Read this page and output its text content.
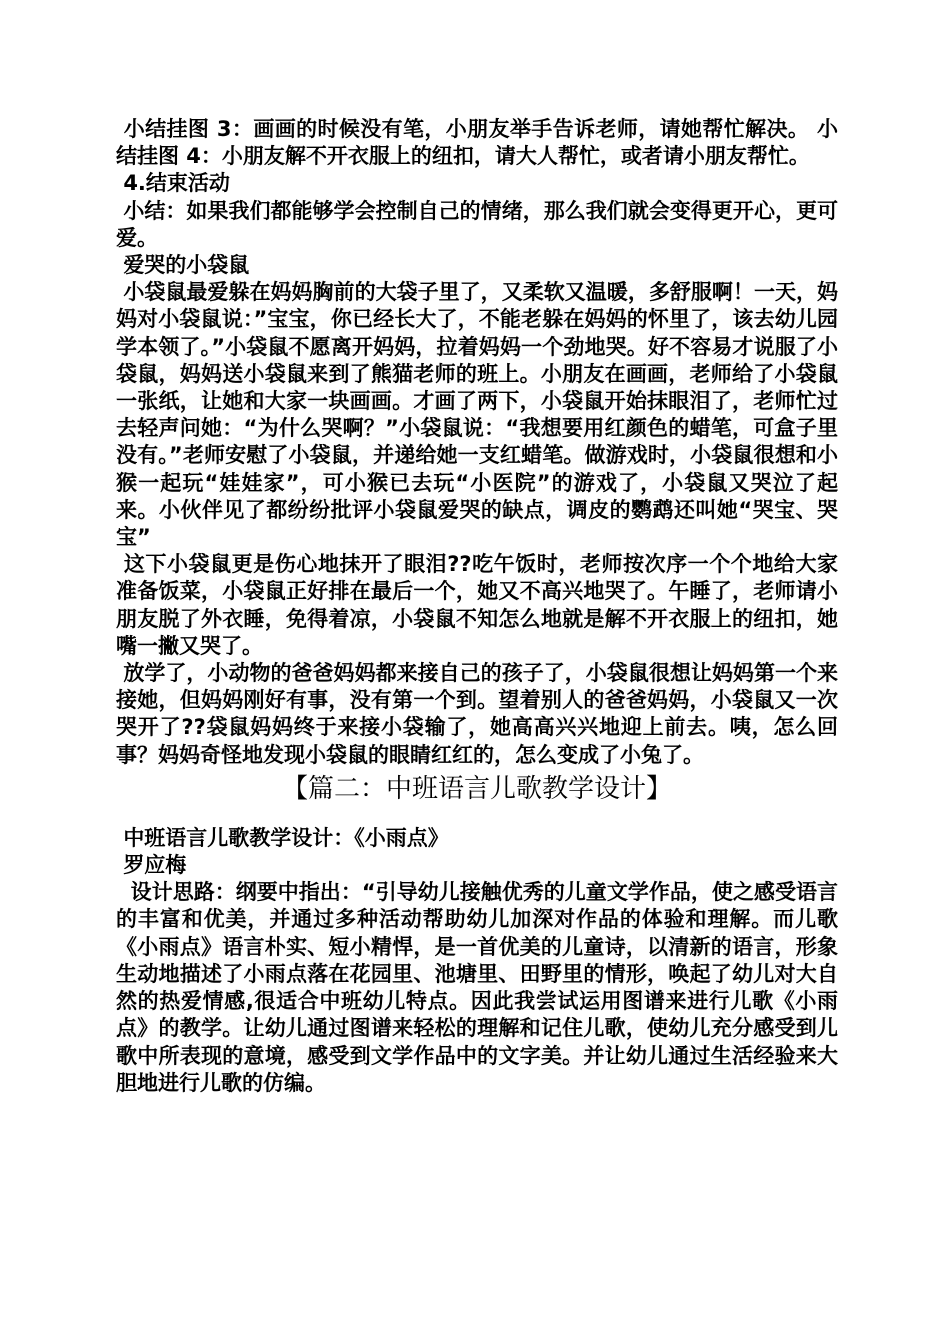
小结挂图 3：画画的时候没有笔，小朋友举手告诉老师，请她帮忙解决。 小结挂图 4：小朋友解不开衣服上的纽扣，请大人帮忙，或者请小朋友帮忙。

4.结束活动

小结：如果我们都能够学会控制自己的情绪，那么我们就会变得更开心，更可爱。

爱哭的小袋鼠

小袋鼠最爱躲在妈妈胸前的大袋子里了，又柔软又温暖，多舒服啊！一天，妈妈对小袋鼠说：”宝宝，你已经长大了，不能老躲在妈妈的怀里了，该去幼儿园学本领了。”小袋鼠不愿离开妈妈，拉着妈妈一个劲地哭。好不容易才说服了小袋鼠，妈妈送小袋鼠来到了熊猫老师的班上。小朋友在画画，老师给了小袋鼠一张纸，让她和大家一块画画。才画了两下，小袋鼠开始抹眼泪了，老师忙过去轻声问她：“为什么哭啊？”小袋鼠说：“我想要用红颜色的蜡笔，可盒子里没有。”老师安慰了小袋鼠，并递给她一支红蜡笔。做游戏时，小袋鼠很想和小猴一起玩“娃娃家”，可小猴已去玩“小医院”的游戏了，小袋鼠又哭泣了起来。小伙伴见了都纷纷批评小袋鼠爱哭的缺点，调皮的鹦鹉还叫她“哭宝、哭宝”

这下小袋鼠更是伤心地抹开了眼泪??吃午饭时，老师按次序一个个地给大家准备饭菜，小袋鼠正好排在最后一个，她又不高兴地哭了。午睡了，老师请小朋友脱了外衣睡，免得着凉，小袋鼠不知怎么地就是解不开衣服上的纽扣，她嘴一撇又哭了。

放学了，小动物的爸爸妈妈都来接自己的孩子了，小袋鼠很想让妈妈第一个来接她，但妈妈刚好有事，没有第一个到。望着别人的爸爸妈妈，小袋鼠又一次哭开了??袋鼠妈妈终于来接小袋输了，她高高兴兴地迎上前去。咦，怎么回事？妈妈奇怪地发现小袋鼠的眼睛红红的，怎么变成了小兔了。

【篇二：中班语言儿歌教学设计】

中班语言儿歌教学设计：《小雨点》

罗应梅

设计思路：纲要中指出：“引导幼儿接触优秀的儿童文学作品，使之感受语言的丰富和优美，并通过多种活动帮助幼儿加深对作品的体验和理解。而儿歌《小雨点》语言朴实、短小精悍，是一首优美的儿童诗，以清新的语言，形象生动地描述了小雨点落在花园里、池塘里、田野里的情形，唤起了幼儿对大自然的热爱情感,很适合中班幼儿特点。因此我尝试运用图谱来进行儿歌《小雨点》的教学。让幼儿通过图谱来轻松的理解和记住儿歌，使幼儿充分感受到儿歌中所表现的意境，感受到文学作品中的文字美。并让幼儿通过生活经验来大胆地进行儿歌的仿编。
